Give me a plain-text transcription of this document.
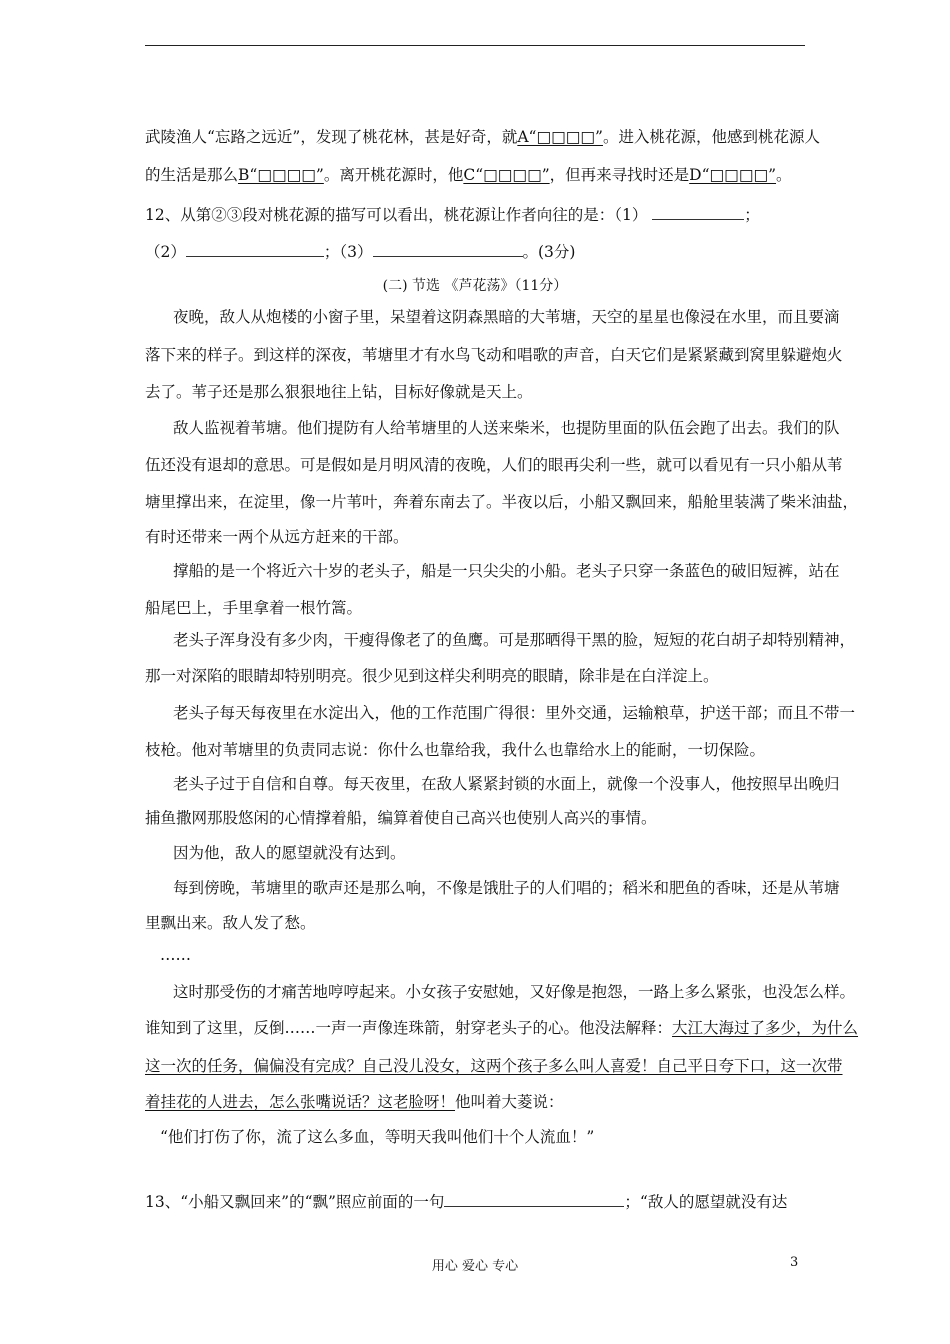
武陵渔人“忘路之远近”，发现了桃花林，甚是好奇，就A“□□□□”。进入桃花源，他感到桃花源人
的生活是那么B“□□□□”。离开桃花源时，他C“□□□□”，但再来寻找时还是D“□□□□”。
12、从第②③段对桃花源的描写可以看出，桃花源让作者向往的是：（1）	；
（2）	；（3）	。(3分)
(二) 节选 《芦花荡》（11分）
夜晚，敌人从炮楼的小窗子里，呆望着这阴森黑暗的大苇塘，天空的星星也像浸在水里，而且要滴
落下来的样子。到这样的深夜，苇塘里才有水鸟飞动和唱歌的声音，白天它们是紧紧藏到窝里躲避炮火
去了。苇子还是那么狠狠地往上钻，目标好像就是天上。
敌人监视着苇塘。他们提防有人给苇塘里的人送来柴米，也提防里面的队伍会跑了出去。我们的队
伍还没有退却的意思。可是假如是月明风清的夜晚，人们的眼再尖利一些，就可以看见有一只小船从苇
塘里撑出来，在淀里，像一片苇叶，奔着东南去了。半夜以后，小船又飘回来，船舱里装满了柴米油盐，
有时还带来一两个从远方赶来的干部。
撑船的是一个将近六十岁的老头子，船是一只尖尖的小船。老头子只穿一条蓝色的破旧短裤，站在
船尾巴上，手里拿着一根竹篙。
老头子浑身没有多少肉，干瘦得像老了的鱼鹰。可是那晒得干黑的脸，短短的花白胡子却特别精神，
那一对深陷的眼睛却特别明亮。很少见到这样尖利明亮的眼睛，除非是在白洋淀上。
老头子每天每夜里在水淀出入，他的工作范围广得很：里外交通，运输粮草，护送干部；而且不带一
枝枪。他对苇塘里的负责同志说：你什么也靠给我，我什么也靠给水上的能耐，一切保险。
老头子过于自信和自尊。每天夜里，在敌人紧紧封锁的水面上，就像一个没事人，他按照早出晚归
捕鱼撒网那股悠闲的心情撑着船，编算着使自己高兴也使别人高兴的事情。
因为他，敌人的愿望就没有达到。
每到傍晚，苇塘里的歌声还是那么响，不像是饿肚子的人们唱的；稻米和肥鱼的香味，还是从苇塘
里飘出来。敌人发了愁。
……
这时那受伤的才痛苦地哼哼起来。小女孩子安慰她，又好像是抱怨，一路上多么紧张，也没怎么样。
谁知到了这里，反倒……一声一声像连珠箭，射穿老头子的心。他没法解释：大江大海过了多少，为什么
这一次的任务，偏偏没有完成？自己没儿没女，这两个孩子多么叫人喜爱！自己平日夸下口，这一次带
着挂花的人进去，怎么张嘴说话？这老脸呀！他叫着大菱说：
“他们打伤了你，流了这么多血，等明天我叫他们十个人流血！”
13、“小船又飘回来”的“飘”照应前面的一句	；“敌人的愿望就没有达
用心 爱心 专心	3
